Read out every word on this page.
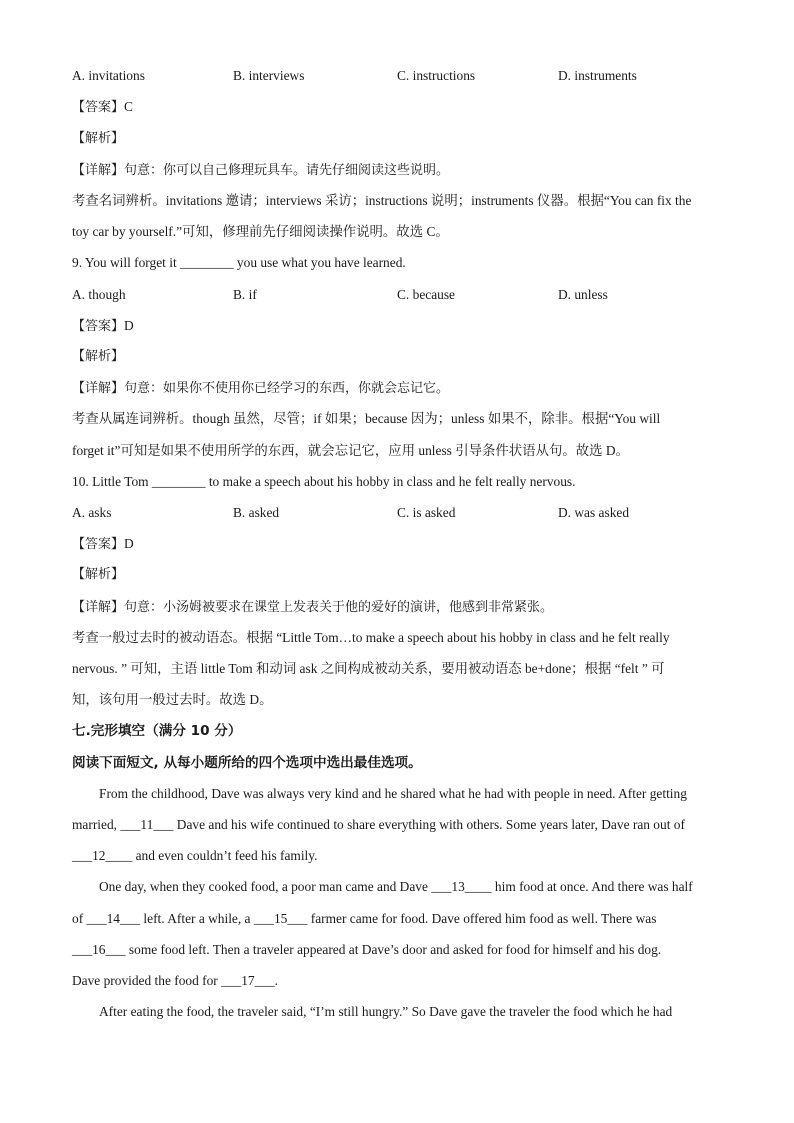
A. invitations	B. interviews	C. instructions	D. instruments
【答案】C
【解析】
【详解】句意：你可以自己修理玩具车。请先仔细阅读这些说明。
考查名词辨析。invitations 邀请；interviews 采访；instructions 说明；instruments 仪器。根据“You can fix the
toy car by yourself.”可知，修理前先仔细阅读操作说明。故选 C。
9. You will forget it ________ you use what you have learned.
A. though	B. if	C. because	D. unless
【答案】D
【解析】
【详解】句意：如果你不使用你已经学习的东西，你就会忘记它。
考查从属连词辨析。though 虽然，尽管；if 如果；because 因为；unless 如果不，除非。根据“You will
forget it”可知是如果不使用所学的东西，就会忘记它，应用 unless 引导条件状语从句。故选 D。
10. Little Tom ________ to make a speech about his hobby in class and he felt really nervous.
A. asks	B. asked	C. is asked	D. was asked
【答案】D
【解析】
【详解】句意：小汤姆被要求在课堂上发表关于他的爱好的演讲，他感到非常紧张。
考查一般过去时的被动语态。根据 “Little Tom…to make a speech about his hobby in class and he felt really
nervous. ” 可知，主语 little Tom 和动词 ask 之间构成被动关系，要用被动语态 be+done；根据 “felt ” 可
知，该句用一般过去时。故选 D。
七.完形填空（满分 10 分）
阅读下面短文, 从每小题所给的四个选项中选出最佳选项。
From the childhood, Dave was always very kind and he shared what he had with people in need. After getting
married, ___11___ Dave and his wife continued to share everything with others. Some years later, Dave ran out of
___12____ and even couldn’t feed his family.
One day, when they cooked food, a poor man came and Dave ___13____ him food at once. And there was half
of ___14___ left. After a while, a ___15___ farmer came for food. Dave offered him food as well. There was
___16___ some food left. Then a traveler appeared at Dave’s door and asked for food for himself and his dog.
Dave provided the food for ___17___.
After eating the food, the traveler said, “I’m still hungry.” So Dave gave the traveler the food which he had
